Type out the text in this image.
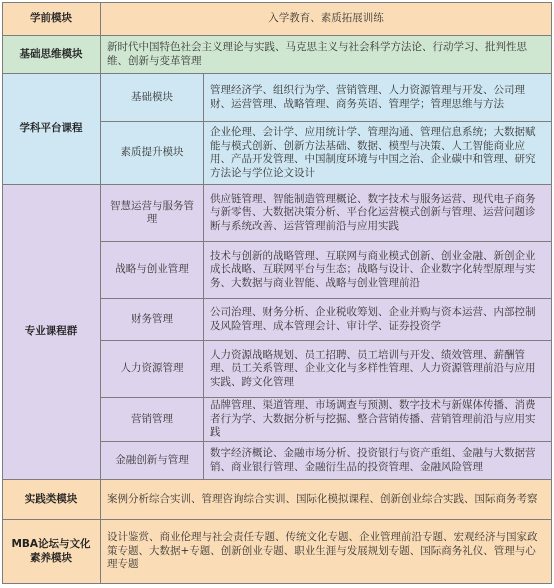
学前模块	入学教育、素质拓展训练
基础思维模块
新时代中国特色社会主义理论与实践、马克思主义与社会科学方法论、行动学习、批判性思维、创新与变革管理
学科平台课程
基础模块
管理经济学、组织行为学、营销管理、人力资源管理与开发、公司理财、运营管理、战略管理、商务英语、管理学；管理思维与方法
素质提升模块
企业伦理、会计学、应用统计学、管理沟通、管理信息系统；大数据赋能与模式创新、创新方法基础、数据、模型与决策、人工智能商业应用、产品开发管理、中国制度环境与中国之治、企业碳中和管理、研究方法论与学位论文设计
专业课程群
智慧运营与服务管理
供应链管理、智能制造管理概论、数字技术与服务运营、现代电子商务与新零售、大数据决策分析、平台化运营模式创新与管理、运营问题诊断与系统改善、运营管理前沿与应用实践
战略与创业管理
技术与创新的战略管理、互联网与商业模式创新、创业金融、新创企业成长战略、互联网平台与生态；战略与设计、企业数字化转型原理与实务、大数据与商业智能、战略与创业管理前沿
财务管理
公司治理、财务分析、企业税收筹划、企业并购与资本运营、内部控制及风险管理、成本管理会计、审计学、证券投资学
人力资源管理
人力资源战略规划、员工招聘、员工培训与开发、绩效管理、薪酬管理、员工关系管理、企业文化与多样性管理、人力资源管理前沿与应用实践、跨文化管理
营销管理
品牌管理、渠道管理、市场调查与预测、数字技术与新媒体传播、消费者行为学、大数据分析与挖掘、整合营销传播、营销管理前沿与应用实践
金融创新与管理
数字经济概论、金融市场分析、投资银行与资产重组、金融与大数据营销、商业银行管理、金融衍生品的投资管理、金融风险管理
实践类模块	案例分析综合实训、管理咨询综合实训、国际化模拟课程、创新创业综合实践、国际商务考察
MBA论坛与文化素养模块
设计鉴赏、商业伦理与社会责任专题、传统文化专题、企业管理前沿专题、宏观经济与国家政策专题、大数据+专题、创新创业专题、职业生涯与发展规划专题、国际商务礼仪、管理与心理专题
